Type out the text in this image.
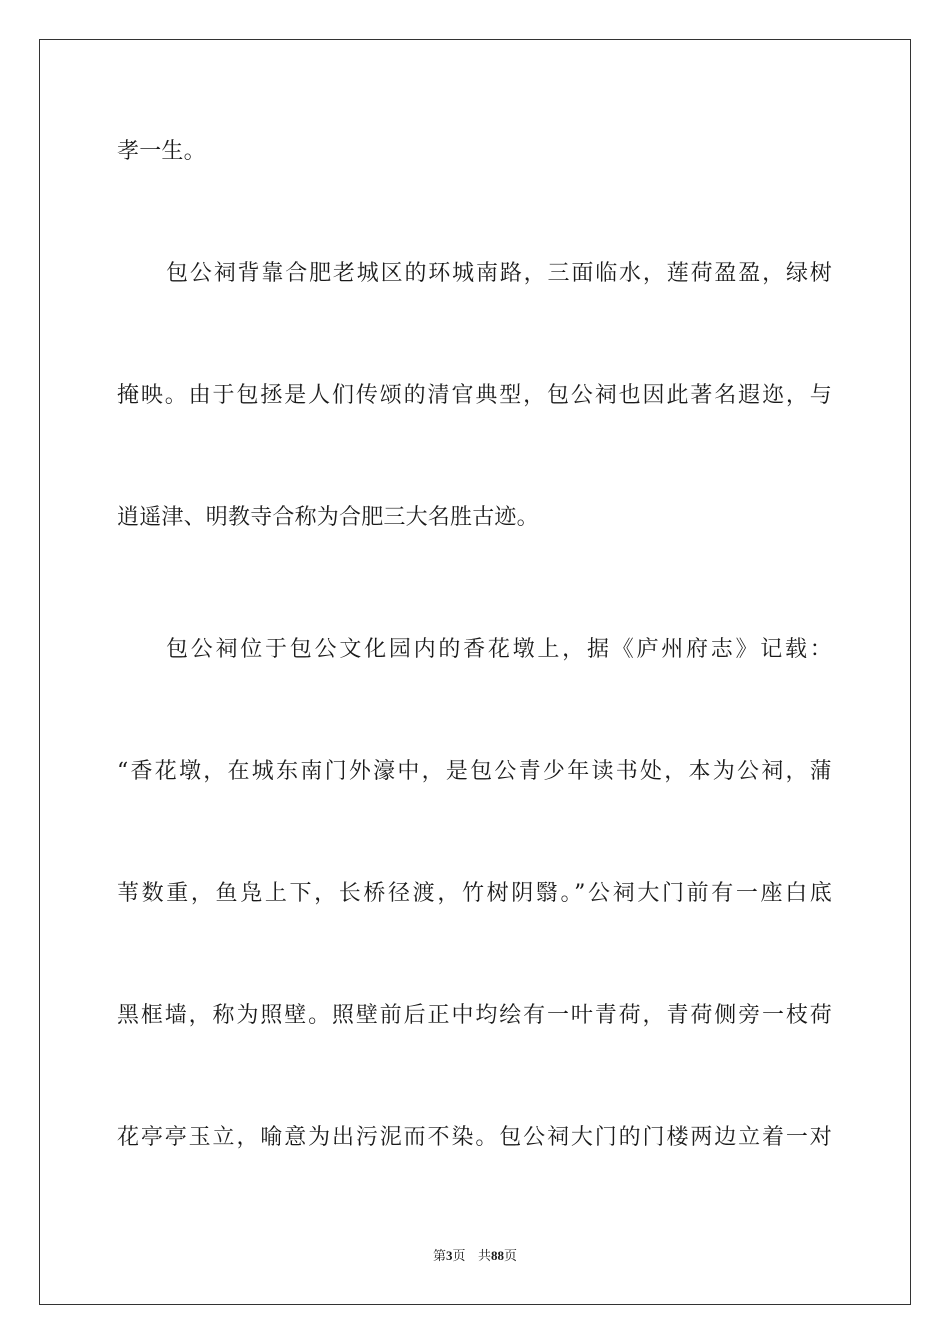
孝一生。
包公祠背靠合肥老城区的环城南路，三面临水，莲荷盈盈，绿树
掩映。由于包拯是人们传颂的清官典型，包公祠也因此著名遐迩，与
逍遥津、明教寺合称为合肥三大名胜古迹。
包公祠位于包公文化园内的香花墩上，据《庐州府志》记载：
“香花墩，在城东南门外濠中，是包公青少年读书处，本为公祠，蒲
苇数重，鱼凫上下，长桥径渡，竹树阴翳。”公祠大门前有一座白底
黑框墙，称为照壁。照壁前后正中均绘有一叶青荷，青荷侧旁一枝荷
花亭亭玉立，喻意为出污泥而不染。包公祠大门的门楼两边立着一对
第3页 共88页
